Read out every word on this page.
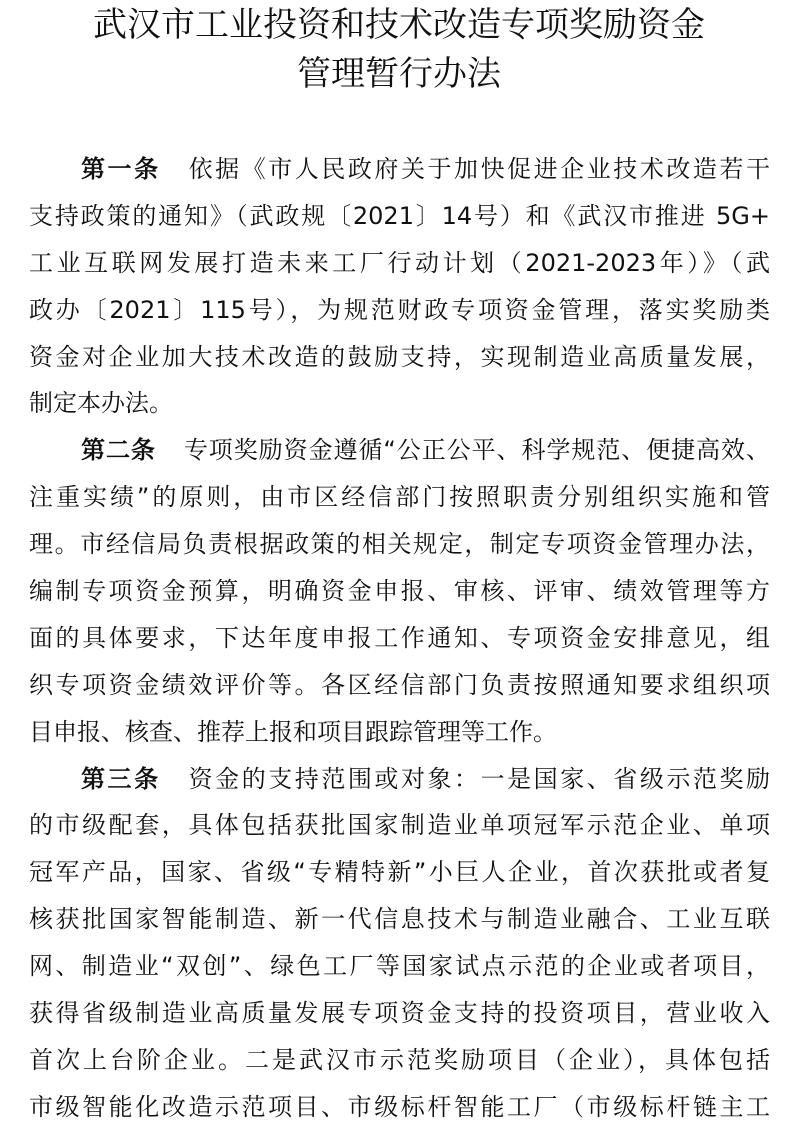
武汉市工业投资和技术改造专项奖励资金
管理暂行办法
第一条 依据《市人民政府关于加快促进企业技术改造若干
支持政策的通知》（武政规〔2021〕14号）和《武汉市推进 5G+
工业互联网发展打造未来工厂行动计划（2021-2023年）》（武
政办〔2021〕115号），为规范财政专项资金管理，落实奖励类
资金对企业加大技术改造的鼓励支持，实现制造业高质量发展，
制定本办法。
第二条 专项奖励资金遵循“公正公平、科学规范、便捷高效、
注重实绩”的原则，由市区经信部门按照职责分别组织实施和管
理。市经信局负责根据政策的相关规定，制定专项资金管理办法，
编制专项资金预算，明确资金申报、审核、评审、绩效管理等方
面的具体要求，下达年度申报工作通知、专项资金安排意见，组
织专项资金绩效评价等。各区经信部门负责按照通知要求组织项
目申报、核查、推荐上报和项目跟踪管理等工作。
第三条 资金的支持范围或对象：一是国家、省级示范奖励
的市级配套，具体包括获批国家制造业单项冠军示范企业、单项
冠军产品，国家、省级“专精特新”小巨人企业，首次获批或者复
核获批国家智能制造、新一代信息技术与制造业融合、工业互联
网、制造业“双创”、绿色工厂等国家试点示范的企业或者项目，
获得省级制造业高质量发展专项资金支持的投资项目，营业收入
首次上台阶企业。二是武汉市示范奖励项目（企业），具体包括
市级智能化改造示范项目、市级标杆智能工厂（市级标杆链主工
